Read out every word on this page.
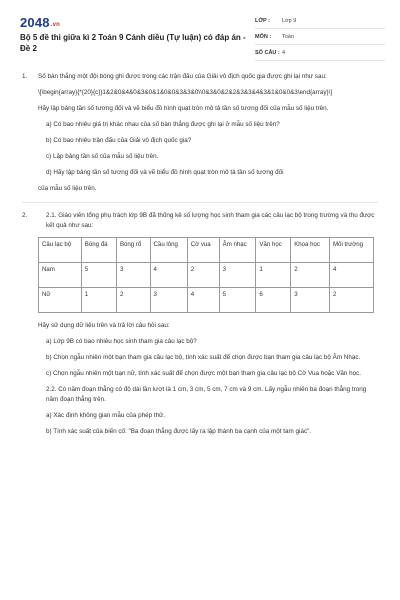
2048.vn
Bộ 5 đề thi giữa kì 2 Toán 9 Cánh diều (Tự luận) có đáp án - Đề 2
LỚP :	Lớp 9
MÔN :	Toán
SỐ CÂU : 4
1. Số bàn thắng một đội bóng ghi được trong các trận đấu của Giải vô địch quốc gia được ghi lại như sau:

\[\begin{array}{*{20}{c}}1&2&0&4&0&3&0&1&0&0&3&3&0\\0&3&0&2&2&3&3&4&3&1&0&0&3\end{array}\]

Hãy lập bảng tần số tương đối và vẽ biểu đồ hình quạt tròn mô tả tần số tương đối của mẫu số liệu trên.

a) Có bao nhiêu giá trị khác nhau của số bàn thắng được ghi lại ở mẫu số liệu trên?

b) Có bao nhiêu trận đấu của Giải vô địch quốc gia?

c) Lập bảng tần số của mẫu số liệu trên.

d) Hãy lập bảng tần số tương đối và vẽ biểu đồ hình quạt tròn mô tả tần số tương đối

của mẫu số liệu trên.

2.	2.1. Giáo viên tổng phụ trách lớp 9B đã thống kê số lượng học sinh tham gia các câu lạc bộ trong trường và thu được kết quả như sau:

Câu lạc bộ	Bóng đá	Bóng rổ	Cầu lông	Cờ vua	Âm nhạc	Văn học	Khoa học	Môi trường
Nam	5	3	4	2	3	1	2	4
Nữ	1	2	3	4	5	6	3	2

Hãy sử dụng dữ liệu trên và trả lời câu hỏi sau:

a) Lớp 9B có bao nhiêu học sinh tham gia câu lạc bộ?

b) Chọn ngẫu nhiên một bạn tham gia câu lạc bộ, tính xác suất để chọn được bạn tham gia câu lạc bộ Âm Nhạc.

c) Chọn ngẫu nhiên một bạn nữ, tính xác suất để chọn được một bạn tham gia câu lạc bộ Cờ Vua hoặc Văn học.

2.2. Có năm đoạn thẳng có độ dài lần lượt là 1 cm, 3 cm, 5 cm, 7 cm và 9 cm. Lấy ngẫu nhiên ba đoạn thẳng trong năm đoạn thẳng trên.

a) Xác định không gian mẫu của phép thử.

b) Tính xác suất của biến cố: "Ba đoạn thẳng được lấy ra lập thành ba cạnh của một tam giác".
